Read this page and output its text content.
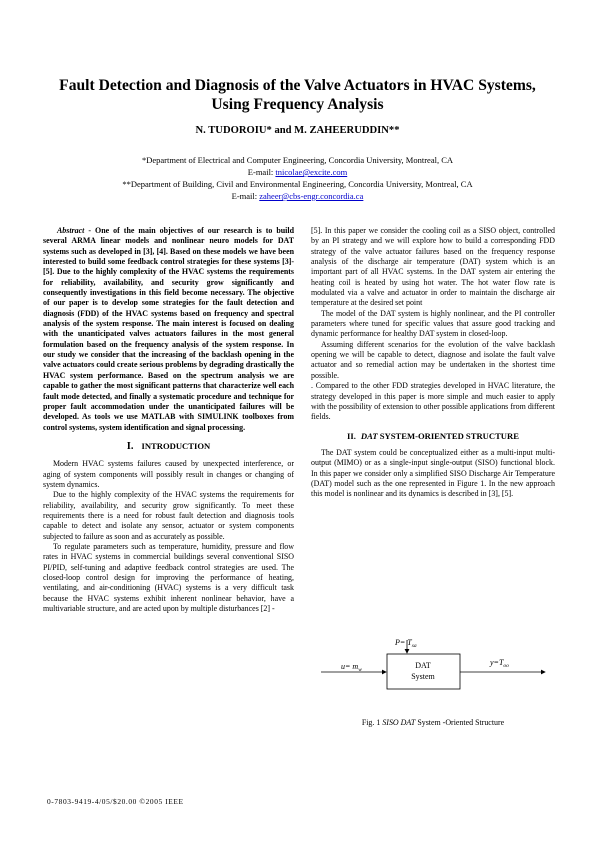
Fault Detection and Diagnosis of the Valve Actuators in HVAC Systems,
Using Frequency Analysis
N. TUDOROIU* and M. ZAHEERUDDIN**
*Department of Electrical and Computer Engineering, Concordia University, Montreal, CA
E-mail: tnicolae@excite.com
**Department of Building, Civil and Environmental Engineering, Concordia University, Montreal, CA
E-mail: zaheer@cbs-engr.concordia.ca

Abstract - One of the main objectives of our research is to build several ARMA linear models and nonlinear neuro models for DAT systems such as developed in [3], [4]. Based on these models we have been interested to build some feedback control strategies for these systems [3]-[5]. Due to the highly complexity of the HVAC systems the requirements for reliability, availability, and security grow significantly and consequently investigations in this field become necessary. The objective of our paper is to develop some strategies for the fault detection and diagnosis (FDD) of the HVAC systems based on frequency and spectral analysis of the system response. The main interest is focused on dealing with the unanticipated valves actuators failures in the most general formulation based on the frequency analysis of the system response. In our study we consider that the increasing of the backlash opening in the valve actuators could create serious problems by degrading drastically the HVAC system performance. Based on the spectrum analysis we are capable to gather the most significant patterns that characterize well each fault mode detected, and finally a systematic procedure and technique for proper fault accommodation under the unanticipated failures will be developed. As tools we use MATLAB with SIMULINK toolboxes from control systems, system identification and signal processing.

I. INTRODUCTION

Modern HVAC systems failures caused by unexpected interference, or aging of system components will possibly result in changes or changing of system dynamics.

Due to the highly complexity of the HVAC systems the requirements for reliability, availability, and security grow significantly. To meet these requirements there is a need for robust fault detection and diagnosis tools capable to detect and isolate any sensor, actuator or system components subjected to failure as soon and as accurately as possible.

To regulate parameters such as temperature, humidity, pressure and flow rates in HVAC systems in commercial buildings several conventional SISO PI/PID, self-tuning and adaptive feedback control strategies are used. The closed-loop control design for improving the performance of heating, ventilating, and air-conditioning (HVAC) systems is a very difficult task because the HVAC systems exhibit inherent nonlinear behavior, have a multivariable structure, and are acted upon by multiple disturbances [2] -

[5]. In this paper we consider the cooling coil as a SISO object, controlled by an PI strategy and we will explore how to build a corresponding FDD strategy of the valve actuator failures based on the frequency response analysis of the discharge air temperature (DAT) system which is an important part of all HVAC systems. In the DAT system air entering the heating coil is heated by using hot water. The hot water flow rate is modulated via a valve and actuator in order to maintain the discharge air temperature at the desired set point

The model of the DAT system is highly nonlinear, and the PI controller parameters where tuned for specific values that assure good tracking and dynamic performance for healthy DAT system in closed-loop.

Assuming different scenarios for the evolution of the valve backlash opening we will be capable to detect, diagnose and isolate the fault valve actuator and so remedial action may be undertaken in the shortest time possible.

. Compared to the other FDD strategies developed in HVAC literature, the strategy developed in this paper is more simple and much easier to apply with the possibility of extension to other possible applications from different fields.

II. DAT SYSTEM-ORIENTED STRUCTURE

The DAT system could be conceptualized either as a multi-input multi-output (MIMO) or as a single-input single-output (SISO) functional block. In this paper we consider only a simplified SISO Discharge Air Temperature (DAT) model such as the one represented in Figure 1. In the new approach this model is nonlinear and its dynamics is described in [3], [5].

DAT
System
$P= T_{sa}$
$u= m_w$
$y=T_{oo}$
Fig. 1 SISO DAT System -Oriented Structure
0-7803-9419-4/05/$20.00 ©2005 IEEE
